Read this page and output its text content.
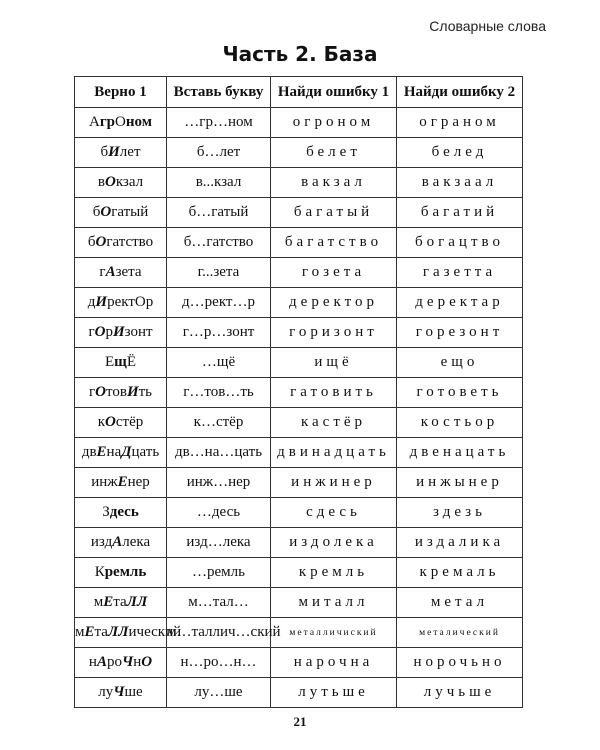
Словарные слова
Часть 2. База
Верно 1	Вставь букву	Найди ошибку 1	Найди ошибку 2
АгрОном	…гр…ном	огроном	ограном
бИлет	б…лет	белет	белед
вОкзал	в...кзал	вакзал	вакзаал
бОгатый	б…гатый	багатый	багатий
бОгатство	б…гатство	багатство	богацтво
гАзета	г...зета	гозета	газетта
дИректОр	д…рект…р	деректор	деректар
гОрИзонт	г…р…зонт	горизонт	горезонт
ЕщЁ	…щё	ищё	ещо
гОтовИть	г…тов…ть	гатовить	готоветь
кОстёр	к…стёр	кастёр	костьор
двЕнаДцать	дв…на…цать	двинадцать	двенацать
инжЕнер	инж…нер	инжинер	инжынер
Здесь	…десь	сдесь	здезь
издАлека	изд…лека	издолека	издалика
Кремль	…ремль	кремль	кремаль
мЕтаЛЛ	м…тал…	миталл	метал
мЕтаЛЛический	м…таллич…ский	металличиский	металический
нАроЧнО	н…ро…н…	нарочна	норочьно
луЧше	лу…ше	лутьше	лучьше
21
